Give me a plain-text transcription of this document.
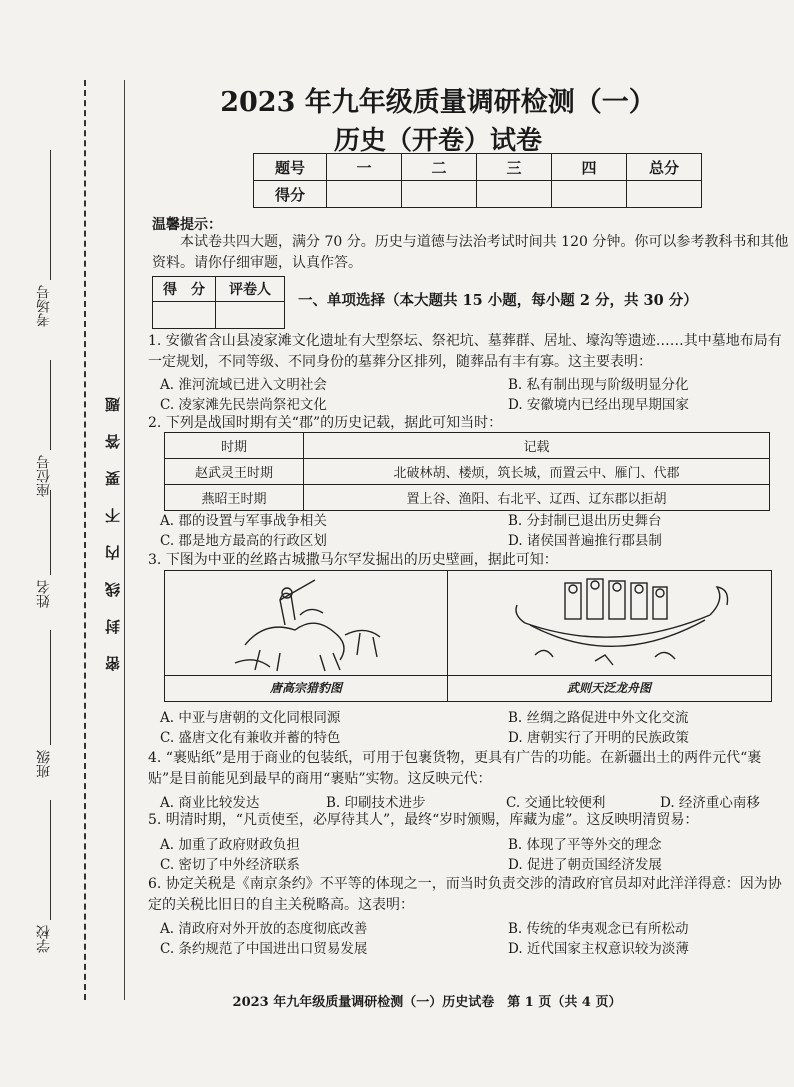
考场号
座位号
姓名
班级
学校
密封线内不要答题
2023 年九年级质量调研检测（一）
历史（开卷）试卷
题号	一	二	三	四	总分
得分					
温馨提示：
本试卷共四大题，满分 70 分。历史与道德与法治考试时间共 120 分钟。你可以参考教科书和其他资料。请你仔细审题，认真作答。
得　分	评卷人

一、单项选择（本大题共 15 小题，每小题 2 分，共 30 分）
1. 安徽省含山县凌家滩文化遗址有大型祭坛、祭祀坑、墓葬群、居址、壕沟等遗迹……其中墓地布局有一定规划，不同等级、不同身份的墓葬分区排列，随葬品有丰有寡。这主要表明：
A. 淮河流域已进入文明社会	B. 私有制出现与阶级明显分化
C. 凌家滩先民崇尚祭祀文化	D. 安徽境内已经出现早期国家
2. 下列是战国时期有关“郡”的历史记载，据此可知当时：
时期	记载
赵武灵王时期	北破林胡、楼烦，筑长城，而置云中、雁门、代郡
燕昭王时期	置上谷、渔阳、右北平、辽西、辽东郡以拒胡
A. 郡的设置与军事战争相关	B. 分封制已退出历史舞台
C. 郡是地方最高的行政区划	D. 诸侯国普遍推行郡县制
3. 下图为中亚的丝路古城撒马尔罕发掘出的历史壁画，据此可知：
唐高宗猎豹图	武则天泛龙舟图
A. 中亚与唐朝的文化同根同源	B. 丝绸之路促进中外文化交流
C. 盛唐文化有兼收并蓄的特色	D. 唐朝实行了开明的民族政策
4. “裹贴纸”是用于商业的包装纸，可用于包裹货物，更具有广告的功能。在新疆出土的两件元代“裹贴”是目前能见到最早的商用“裹贴”实物。这反映元代：
A. 商业比较发达	B. 印刷技术进步	C. 交通比较便利	D. 经济重心南移
5. 明清时期，“凡贡使至，必厚待其人”，最终“岁时颁赐，库藏为虚”。这反映明清贸易：
A. 加重了政府财政负担	B. 体现了平等外交的理念
C. 密切了中外经济联系	D. 促进了朝贡国经济发展
6. 协定关税是《南京条约》不平等的体现之一，而当时负责交涉的清政府官员却对此洋洋得意：因为协定的关税比旧日的自主关税略高。这表明：
A. 清政府对外开放的态度彻底改善	B. 传统的华夷观念已有所松动
C. 条约规范了中国进出口贸易发展	D. 近代国家主权意识较为淡薄
2023 年九年级质量调研检测（一）历史试卷　第 1 页（共 4 页）
